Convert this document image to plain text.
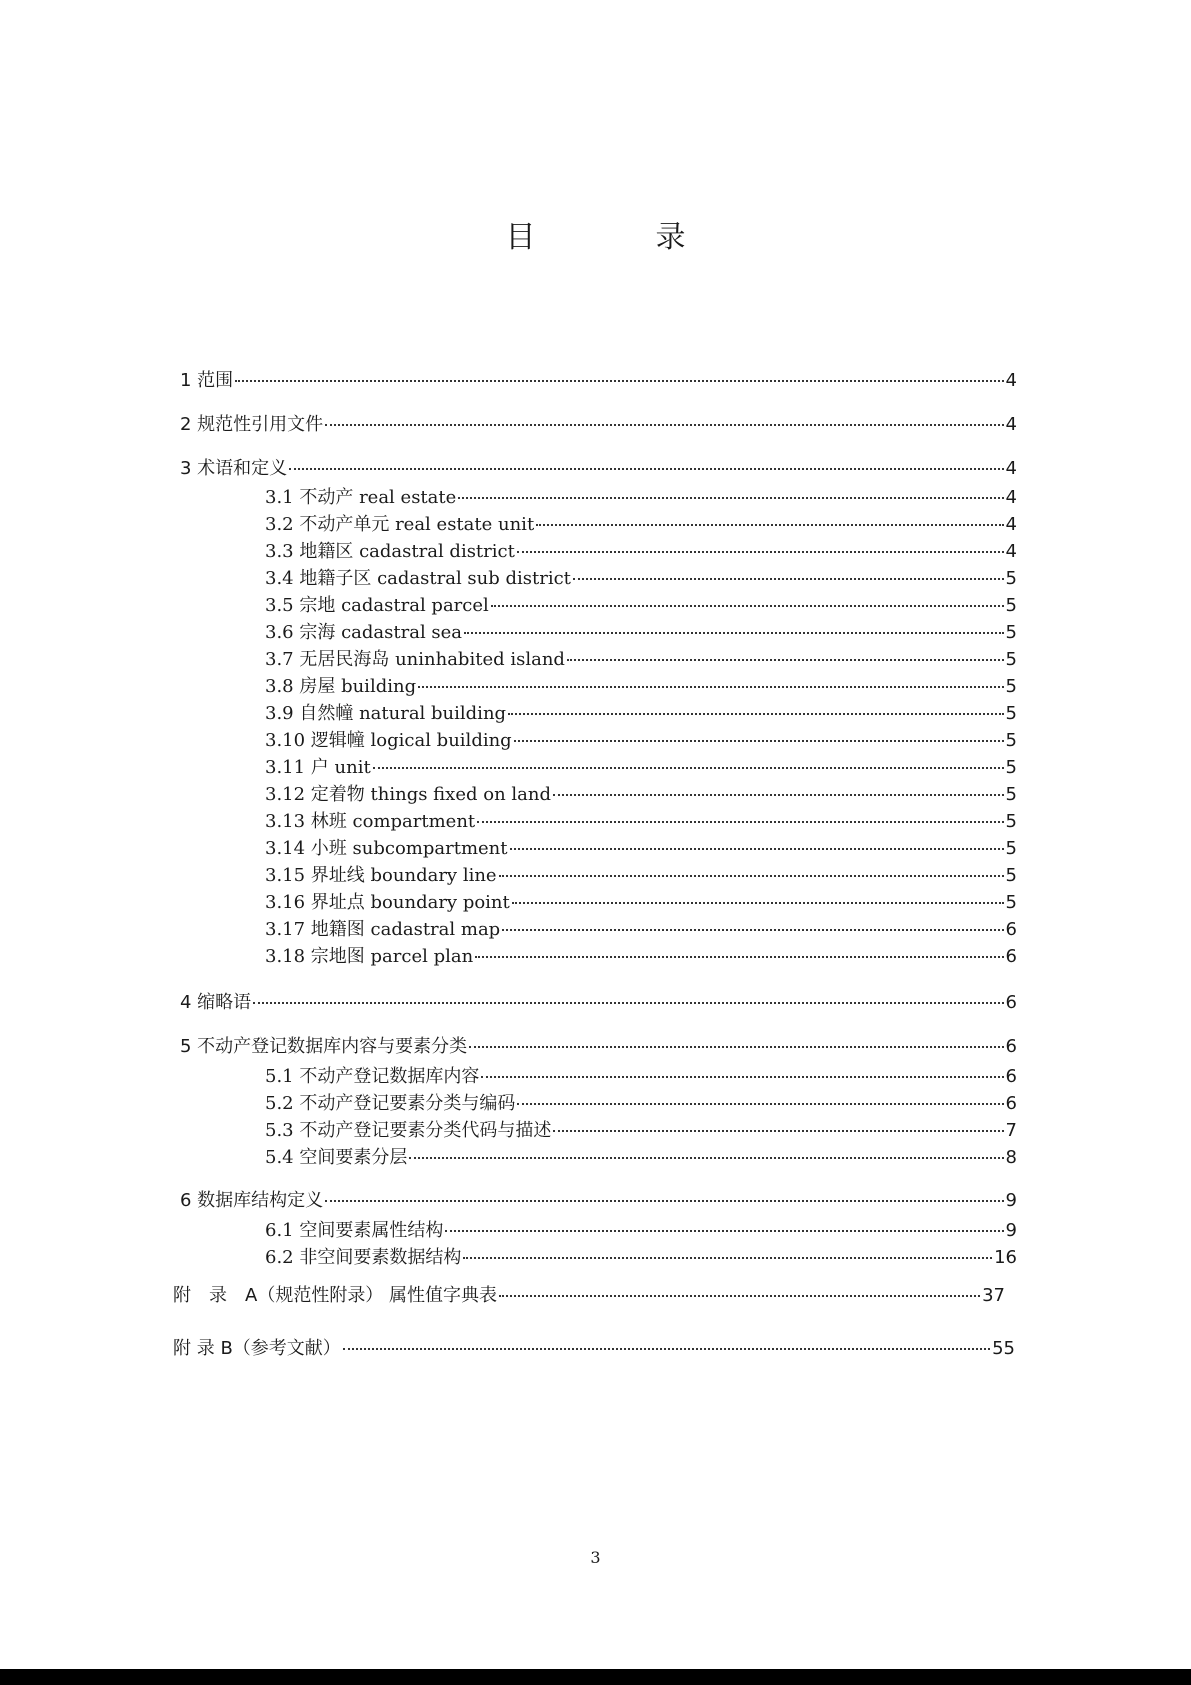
目	录
1 范围	4
2 规范性引用文件	4
3 术语和定义	4
3.1 不动产 real estate	4
3.2 不动产单元 real estate unit	4
3.3 地籍区 cadastral district	4
3.4 地籍子区 cadastral sub district	5
3.5 宗地 cadastral parcel	5
3.6 宗海 cadastral sea	5
3.7 无居民海岛 uninhabited island	5
3.8 房屋 building	5
3.9 自然幢 natural building	5
3.10 逻辑幢 logical building	5
3.11 户 unit	5
3.12 定着物 things fixed on land	5
3.13 林班 compartment	5
3.14 小班 subcompartment	5
3.15 界址线 boundary line	5
3.16 界址点 boundary point	5
3.17 地籍图 cadastral map	6
3.18 宗地图 parcel plan	6
4 缩略语	6
5 不动产登记数据库内容与要素分类	6
5.1 不动产登记数据库内容	6
5.2 不动产登记要素分类与编码	6
5.3 不动产登记要素分类代码与描述	7
5.4 空间要素分层	8
6 数据库结构定义	9
6.1 空间要素属性结构	9
6.2 非空间要素数据结构	16
附　录　A（规范性附录） 属性值字典表	37
附 录 B（参考文献）	55
3
